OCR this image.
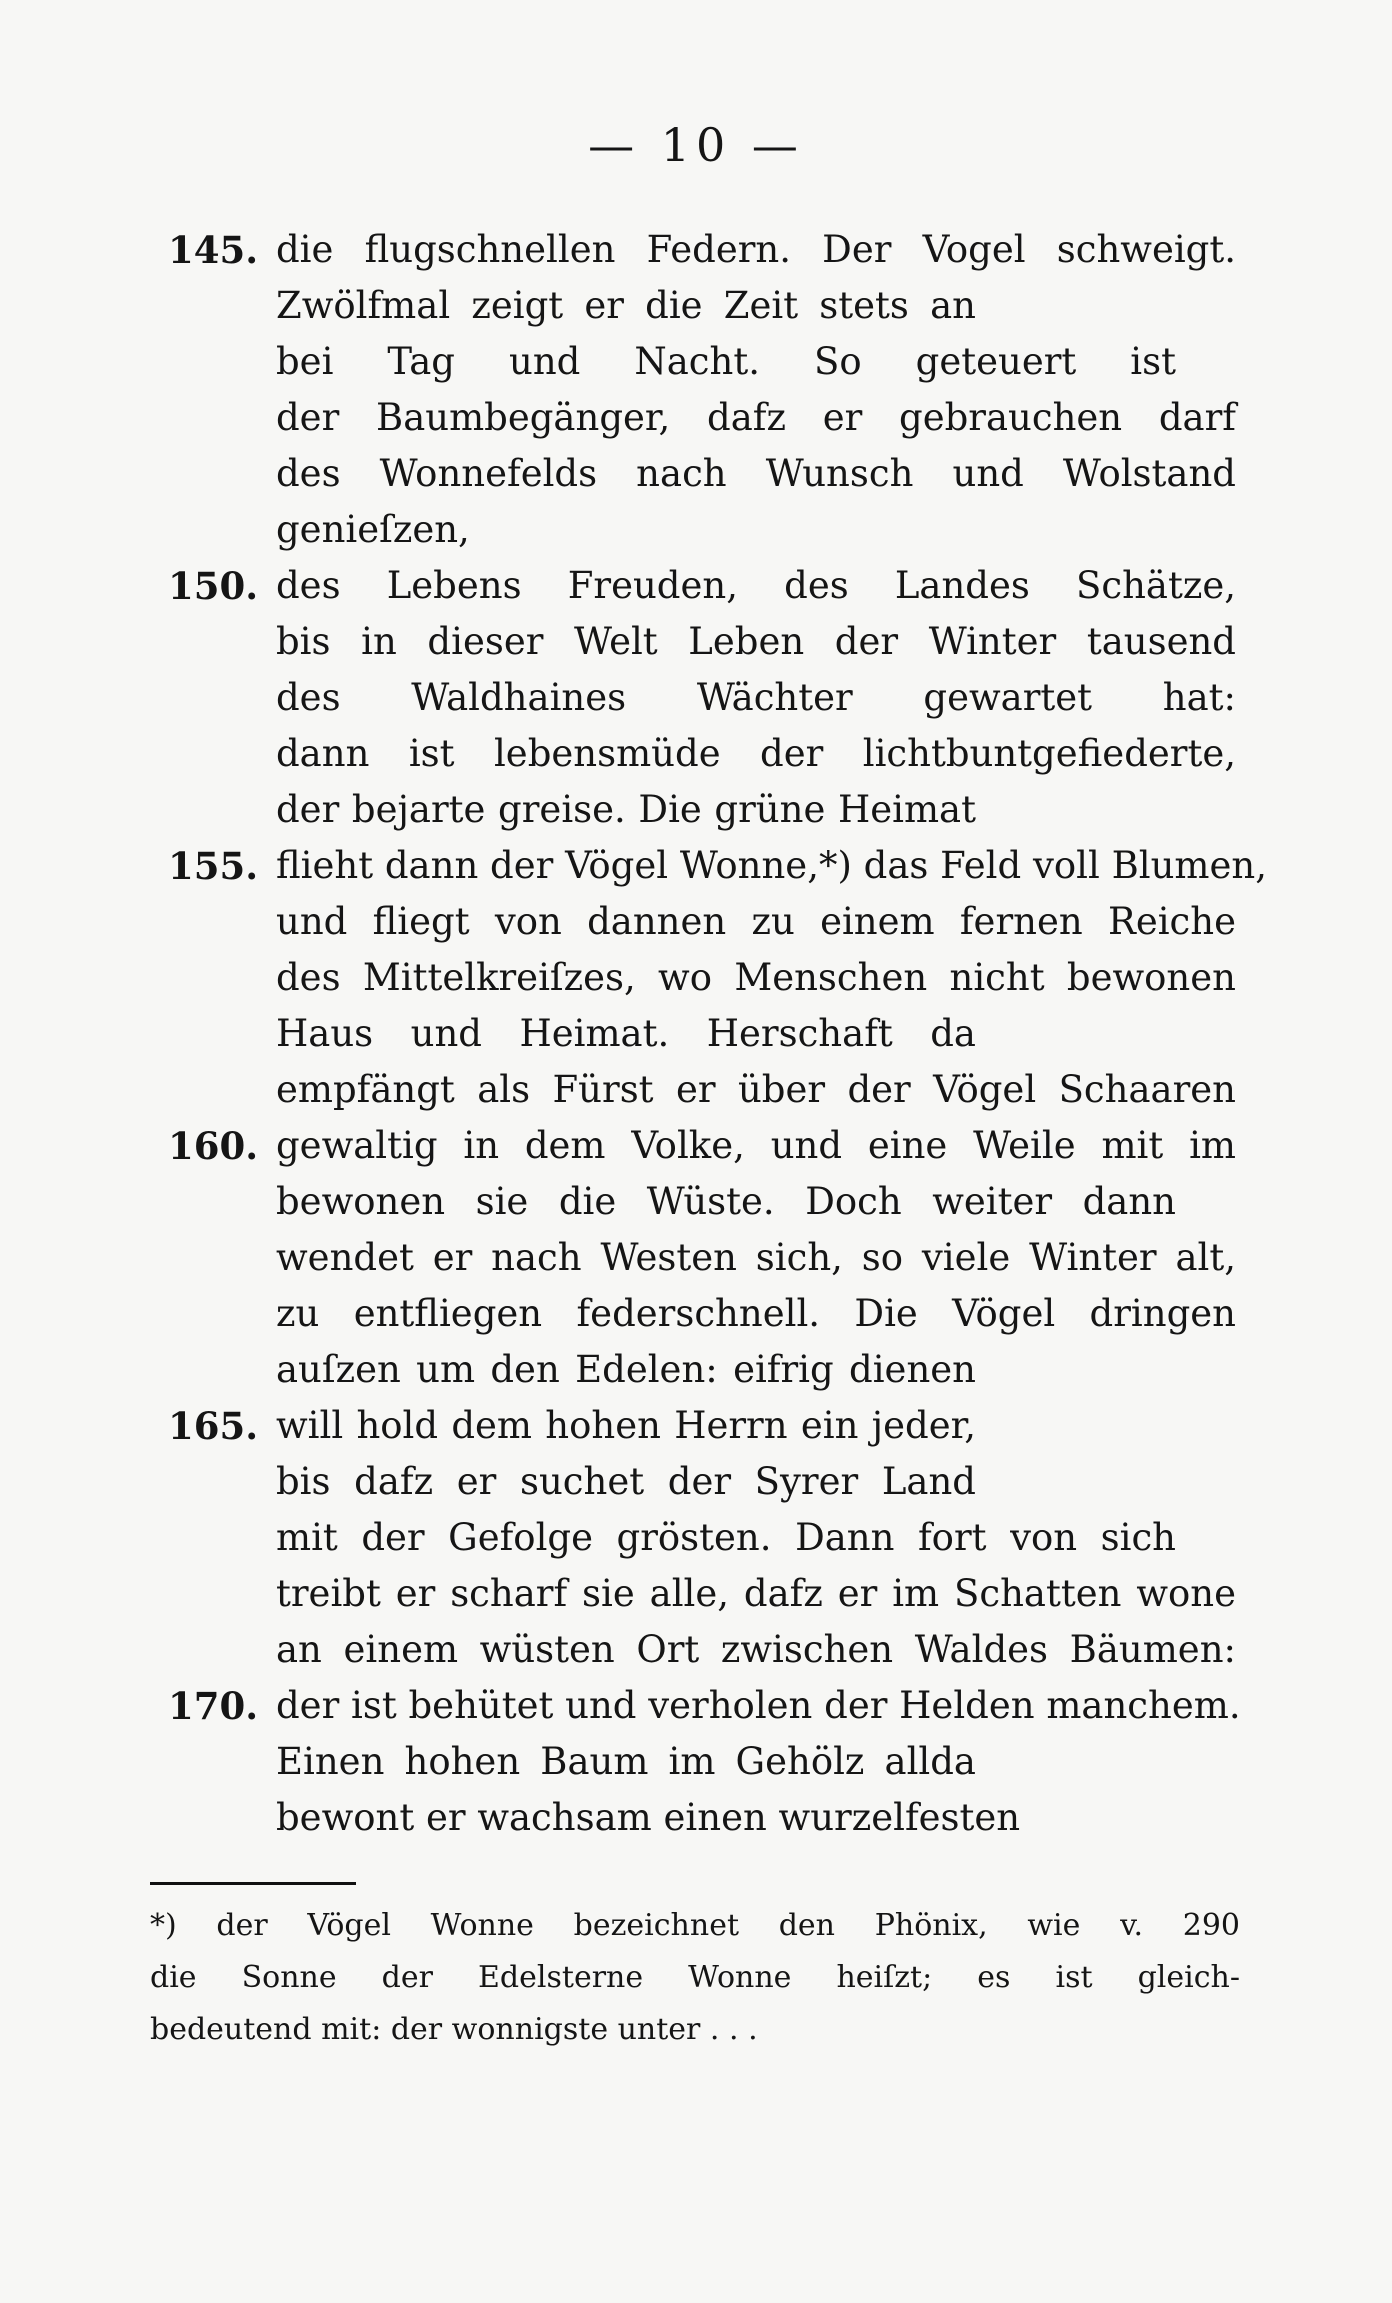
— 10 —
145. die flugschnellen Federn. Der Vogel schweigt.
Zwölfmal zeigt er die Zeit stets an
bei Tag und Nacht. So geteuert ist
der Baumbegänger, dafz er gebrauchen darf
des Wonnefelds nach Wunsch und Wolstand
genieſzen,
150. des Lebens Freuden, des Landes Schätze,
bis in dieser Welt Leben der Winter tausend
des Waldhaines Wächter gewartet hat:
dann ist lebensmüde der lichtbuntgefiederte,
der bejarte greise. Die grüne Heimat
155. flieht dann der Vögel Wonne,*) das Feld voll Blumen,
und fliegt von dannen zu einem fernen Reiche
des Mittelkreiſzes, wo Menschen nicht bewonen
Haus und Heimat. Herschaft da
empfängt als Fürst er über der Vögel Schaaren
160. gewaltig in dem Volke, und eine Weile mit im
bewonen sie die Wüste. Doch weiter dann
wendet er nach Westen sich, so viele Winter alt,
zu entfliegen federschnell. Die Vögel dringen
auſzen um den Edelen: eifrig dienen
165. will hold dem hohen Herrn ein jeder,
bis dafz er suchet der Syrer Land
mit der Gefolge grösten. Dann fort von sich
treibt er scharf sie alle, dafz er im Schatten wone
an einem wüsten Ort zwischen Waldes Bäumen:
170. der ist behütet und verholen der Helden manchem.
Einen hohen Baum im Gehölz allda
bewont er wachsam einen wurzelfesten
*) der Vögel Wonne bezeichnet den Phönix, wie v. 290
die Sonne der Edelsterne Wonne heiſzt; es ist gleich-
bedeutend mit: der wonnigste unter . . .
